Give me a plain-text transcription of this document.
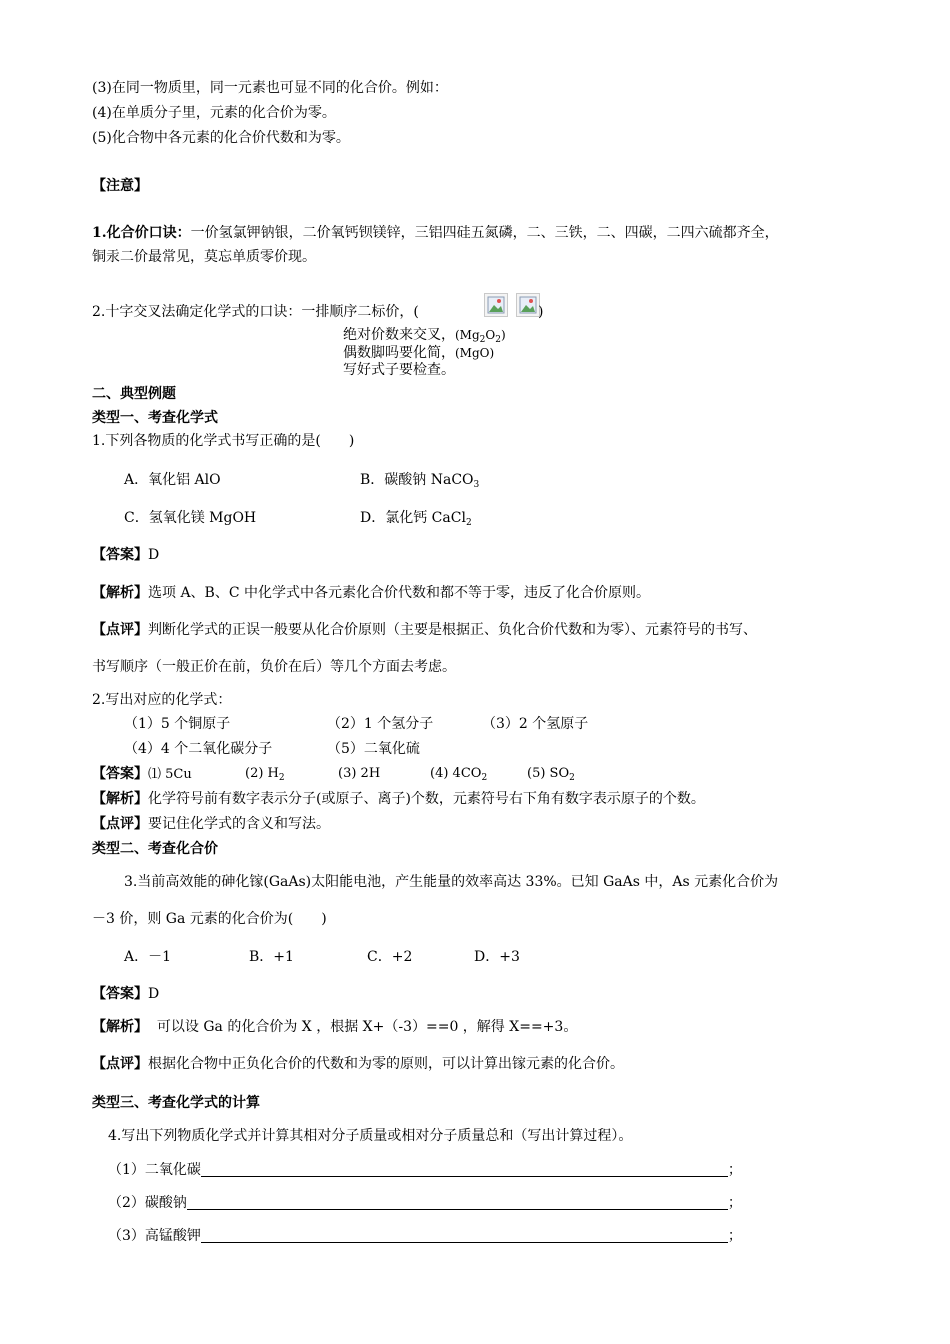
(3)在同一物质里，同一元素也可显不同的化合价。例如：
(4)在单质分子里，元素的化合价为零。
(5)化合物中各元素的化合价代数和为零。
【注意】
1.化合价口诀：一价氢氯钾钠银，二价氧钙钡镁锌，三铝四硅五氮磷，二、三铁，二、四碳，二四六硫都齐全，
铜汞二价最常见，莫忘单质零价现。
2.十字交叉法确定化学式的口诀：一排顺序二标价，(	)
绝对价数来交叉，$(Mg_2O_2)$
偶数脚吗要化简，(MgO)
写好式子要检查。
二、典型例题
类型一、考查化学式
1.下列各物质的化学式书写正确的是(　　)
A．氧化铝 AlO	B．碳酸钠 NaCO$_3$
C．氢氧化镁 MgOH	D．氯化钙 CaCl$_2$
【答案】D
【解析】选项 A、B、C 中化学式中各元素化合价代数和都不等于零，违反了化合价原则。
【点评】判断化学式的正误一般要从化合价原则（主要是根据正、负化合价代数和为零）、元素符号的书写、
书写顺序（一般正价在前，负价在后）等几个方面去考虑。
2.写出对应的化学式：
（1）5 个铜原子	（2）1 个氢分子	（3）2 个氢原子
（4）4 个二氧化碳分子	（5）二氧化硫
【答案】⑴ 5Cu	(2) $H_2$	(3) 2H	(4) $4CO_2$	(5) $SO_2$
【解析】化学符号前有数字表示分子(或原子、离子)个数，元素符号右下角有数字表示原子的个数。
【点评】要记住化学式的含义和写法。
类型二、考查化合价
3.当前高效能的砷化镓(GaAs)太阳能电池，产生能量的效率高达 33%。已知 GaAs 中，As 元素化合价为
－3 价，则 Ga 元素的化合价为(　　)
A．－1	B．+1	C．+2	D．+3
【答案】D
【解析】  可以设 Ga 的化合价为 X ，根据 X+（-3）==0 ，解得 X==+3。
【点评】根据化合物中正负化合价的代数和为零的原则，可以计算出镓元素的化合价。
类型三、考查化学式的计算
4.写出下列物质化学式并计算其相对分子质量或相对分子质量总和（写出计算过程）。
（1）二氧化碳	；
（2）碳酸钠	；
（3）高锰酸钾	；
